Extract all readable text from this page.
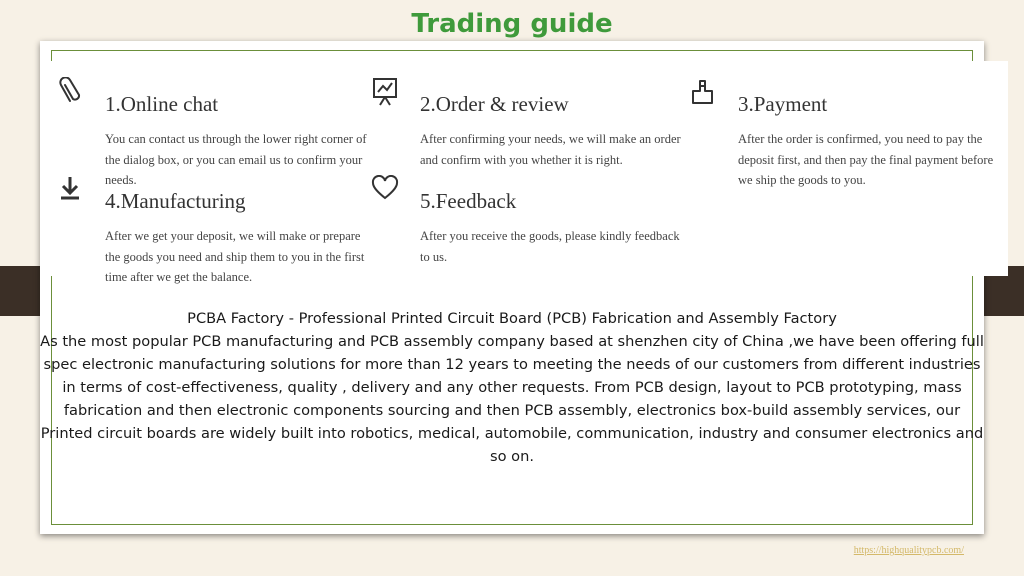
Trading guide
1.Online chat
You can contact us through the lower right corner of the dialog box, or you can email us to confirm your needs.
2.Order & review
After confirming your needs, we will make an order and confirm with you whether it is right.
3.Payment
After the order is confirmed, you need to pay the deposit first, and then pay the final payment before we ship the goods to you.
4.Manufacturing
After we get your deposit, we will make or prepare the goods you need and ship them to you in the first time after we get the balance.
5.Feedback
After you receive the goods, please kindly feedback to us.

PCBA Factory - Professional Printed Circuit Board (PCB) Fabrication and Assembly Factory

As the most popular PCB manufacturing and PCB assembly company based at shenzhen city of China ,we have been offering full spec electronic manufacturing solutions for more than 12 years to meeting the needs of our customers from different industries in terms of cost-effectiveness, quality , delivery and any other requests. From PCB design, layout to PCB prototyping, mass fabrication and then electronic components sourcing and then PCB assembly, electronics box-build assembly services, our Printed circuit boards are widely built into robotics, medical, automobile, communication, industry and consumer electronics and so on.

https://highqualitypcb.com/
